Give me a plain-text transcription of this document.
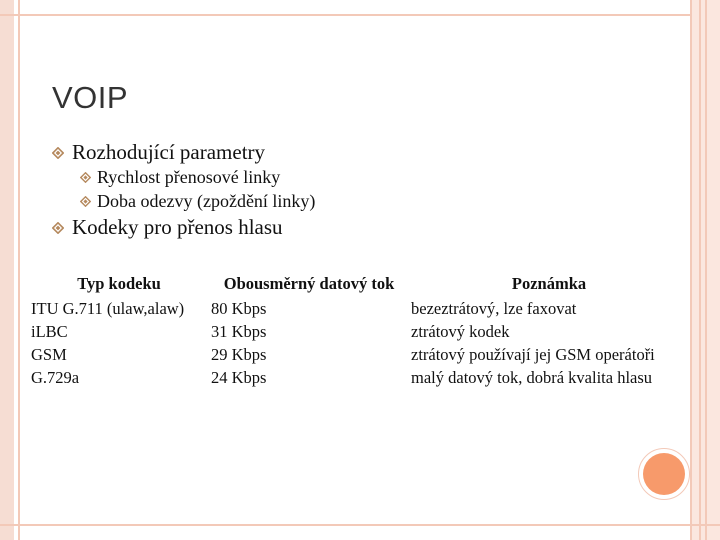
VOIP
Rozhodující parametry
Rychlost přenosové linky
Doba odezvy (zpoždění linky)
Kodeky pro přenos hlasu
Typ kodeku	Obousměrný datový tok	Poznámka
ITU G.711 (ulaw,alaw)	80 Kbps	bezeztrátový, lze faxovat
iLBC	31 Kbps	ztrátový kodek
GSM	29 Kbps	ztrátový používají jej GSM operátoři
G.729a	24 Kbps	malý datový tok, dobrá kvalita hlasu
